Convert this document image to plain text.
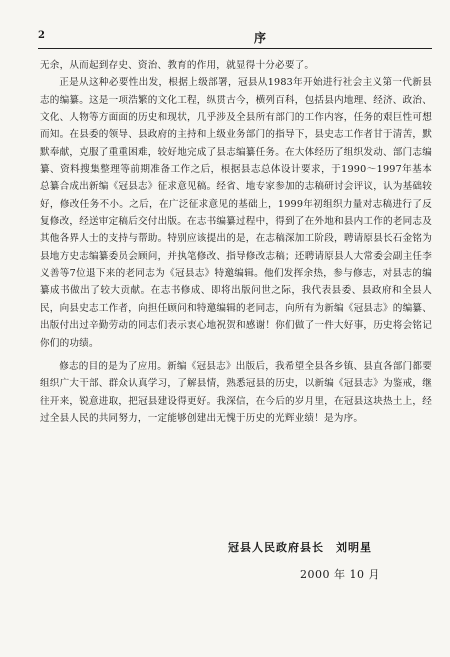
2	序

无余，从而起到存史、资治、教育的作用，就显得十分必要了。

正是从这种必要性出发，根据上级部署，冠县从1983年开始进行社会主义第一代新县志的编纂。这是一项浩繁的文化工程，纵贯古今，横列百科，包括县内地理、经济、政治、文化、人物等方面面的历史和现状，几乎涉及全县所有部门的工作内容，任务的艰巨性可想而知。在县委的领导、县政府的主持和上级业务部门的指导下，县史志工作者甘于清苦，默默奉献，克服了重重困难，较好地完成了县志编纂任务。在大体经历了组织发动、部门志编纂、资料搜集整理等前期准备工作之后，根据县志总体设计要求，于1990～1997年基本总纂合成出新编《冠县志》征求意见稿。经省、地专家参加的志稿研讨会评议，认为基础较好，修改任务不小。之后，在广泛征求意见的基础上，1999年初组织力量对志稿进行了反复修改，经送审定稿后交付出版。在志书编纂过程中，得到了在外地和县内工作的老同志及其他各界人士的支持与帮助。特别应该提出的是，在志稿深加工阶段，聘请原县长石金铭为县地方史志编纂委员会顾问，并执笔修改、指导修改志稿；还聘请原县人大常委会副主任李义善等7位退下来的老同志为《冠县志》特邀编辑。他们发挥余热，参与修志，对县志的编纂成书做出了较大贡献。在志书修成、即将出版问世之际，我代表县委、县政府和全县人民，向县史志工作者，向担任顾问和特邀编辑的老同志，向所有为新编《冠县志》的编纂、出版付出过辛勤劳动的同志们表示衷心地祝贺和感谢！你们做了一件大好事，历史将会铭记你们的功绩。

修志的目的是为了应用。新编《冠县志》出版后，我希望全县各乡镇、县直各部门都要组织广大干部、群众认真学习，了解县情，熟悉冠县的历史，以新编《冠县志》为鉴戒，继往开来，锐意进取，把冠县建设得更好。我深信，在今后的岁月里，在冠县这块热土上，经过全县人民的共同努力，一定能够创建出无愧于历史的光辉业绩！是为序。

冠县人民政府县长　刘明星
2000 年 10 月
